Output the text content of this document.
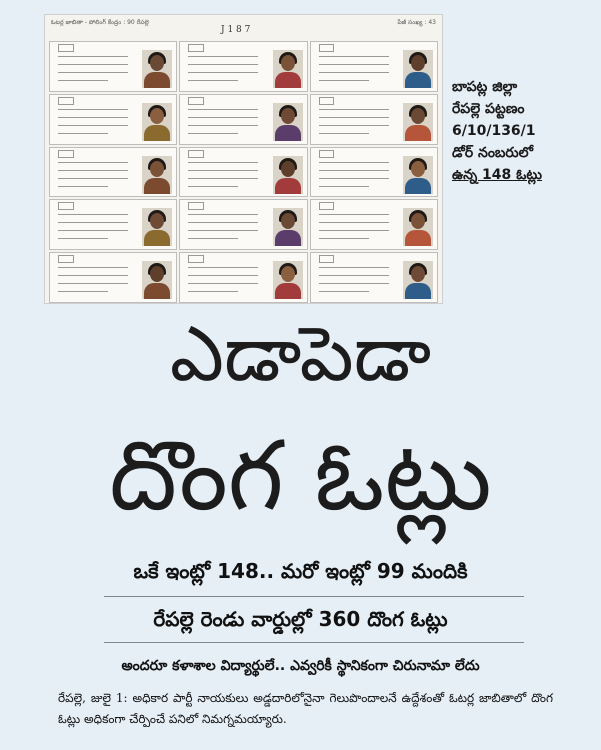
ఓటర్ల జాబితా - పోలింగ్ కేంద్రం : 90 రేపల్లె
J 1 8 7
పేజీ సంఖ్య : 43

బాపట్ల జిల్లా
రేపల్లె పట్టణం
6/10/136/1
డోర్ నంబరులో
ఉన్న 148 ఓట్లు
ఎడాపెడా
దొంగ ఓట్లు
ఒకే ఇంట్లో 148.. మరో ఇంట్లో 99 మందికి
రేపల్లె రెండు వార్డుల్లో 360 దొంగ ఓట్లు
అందరూ కళాశాల విద్యార్థులే.. ఎవ్వరికీ స్థానికంగా చిరునామా లేదు
రేపల్లె, జులై 1: అధికార పార్టీ నాయకులు అడ్డదారిలోనైనా గెలుపొందాలనే ఉద్దేశంతో ఓటర్ల జాబితాలో దొంగ ఓట్లు అధికంగా చేర్పించే పనిలో నిమగ్నమయ్యారు.
